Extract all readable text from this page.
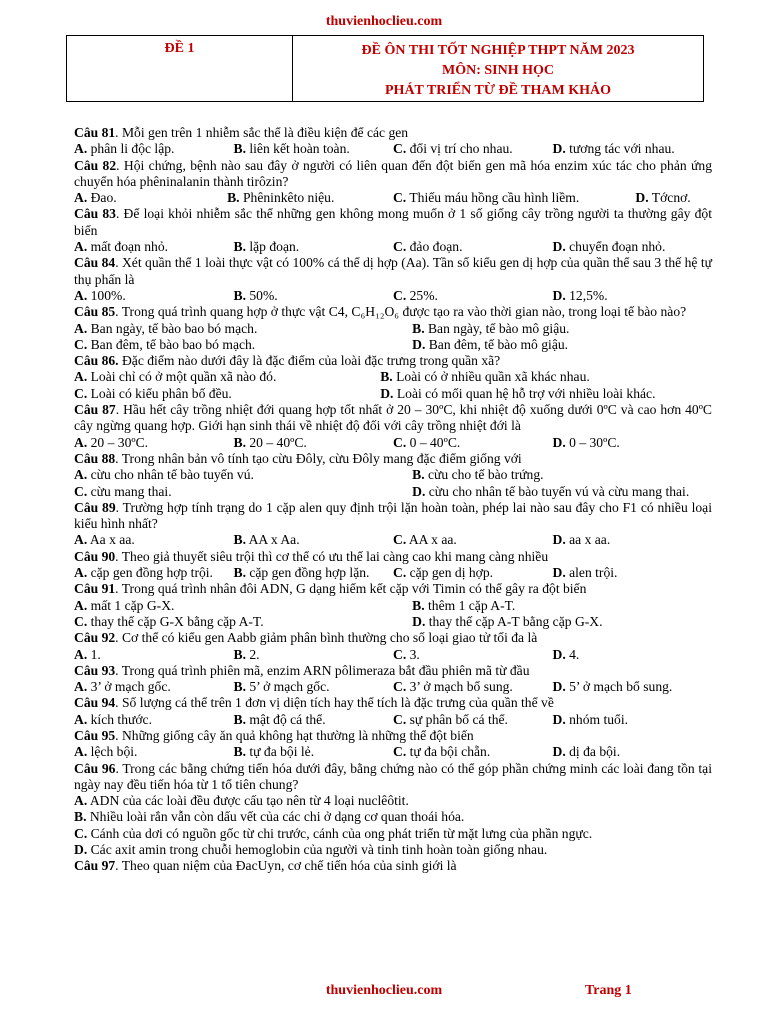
thuvienhoclieu.com
ĐỀ 1	ĐỀ ÔN THI TỐT NGHIỆP THPT NĂM 2023
MÔN: SINH HỌC
PHÁT TRIỂN TỪ ĐỀ THAM KHẢO

Câu 81. Mỗi gen trên 1 nhiễm sắc thể là điều kiện để các gen

A. phân li độc lập.	B. liên kết hoàn toàn.	C. đổi vị trí cho nhau.	D. tương tác với nhau.

Câu 82. Hội chứng, bệnh nào sau đây ở người có liên quan đến đột biến gen mã hóa enzim xúc tác cho phản ứng chuyển hóa phêninalanin thành tirôzin?

A. Đao.	B. Phêninkêto niệu.	C. Thiếu máu hồng cầu hình liềm.	D. Tớcnơ.

Câu 83. Để loại khỏi nhiễm sắc thể những gen không mong muốn ở 1 số giống cây trồng người ta thường gây đột biến

A. mất đoạn nhỏ.	B. lặp đoạn.	C. đảo đoạn.	D. chuyển đoạn nhỏ.

Câu 84. Xét quần thể 1 loài thực vật có 100% cá thể dị hợp (Aa). Tần số kiểu gen dị hợp của quần thể sau 3 thế hệ tự thụ phấn là

A. 100%.	B. 50%.	C. 25%.	D. 12,5%.

Câu 85. Trong quá trình quang hợp ở thực vật C4, C₆H₁₂O₆ được tạo ra vào thời gian nào, trong loại tế bào nào?

A. Ban ngày, tế bào bao bó mạch.	B. Ban ngày, tế bào mô giậu.
C. Ban đêm, tế bào bao bó mạch.	D. Ban đêm, tế bào mô giậu.

Câu 86. Đặc điểm nào dưới đây là đặc điểm của loài đặc trưng trong quần xã?

A. Loài chỉ có ở một quần xã nào đó.	B. Loài có ở nhiều quần xã khác nhau.
C. Loài có kiểu phân bố đều.	D. Loài có mối quan hệ hỗ trợ với nhiều loài khác.

Câu 87. Hầu hết cây trồng nhiệt đới quang hợp tốt nhất ở 20 – 30ºC, khi nhiệt độ xuống dưới 0ºC và cao hơn 40ºC cây ngừng quang hợp. Giới hạn sinh thái về nhiệt độ đối với cây trồng nhiệt đới là

A. 20 – 30ºC.	B. 20 – 40ºC.	C. 0 – 40ºC.	D. 0 – 30ºC.

Câu 88. Trong nhân bản vô tính tạo cừu Đôly, cừu Đôly mang đặc điểm giống với

A. cừu cho nhân tế bào tuyến vú.	B. cừu cho tế bào trứng.
C. cừu mang thai.	D. cừu cho nhân tế bào tuyến vú và cừu mang thai.

Câu 89. Trường hợp tính trạng do 1 cặp alen quy định trội lặn hoàn toàn, phép lai nào sau đây cho F1 có nhiều loại kiểu hình nhất?

A. Aa x aa.	B. AA x Aa.	C. AA x aa.	D. aa x aa.

Câu 90. Theo giả thuyết siêu trội thì cơ thể có ưu thế lai càng cao khi mang càng nhiều

A. cặp gen đồng hợp trội.	B. cặp gen đồng hợp lặn.	C. cặp gen dị hợp.	D. alen trội.

Câu 91. Trong quá trình nhân đôi ADN, G dạng hiếm kết cặp với Timin có thể gây ra đột biến

A. mất 1 cặp G-X.	B. thêm 1 cặp A-T.
C. thay thế cặp G-X bằng cặp A-T.	D. thay thế cặp A-T bằng cặp G-X.

Câu 92. Cơ thể có kiểu gen Aabb giảm phân bình thường cho số loại giao tử tối đa là

A. 1.	B. 2.	C. 3.	D. 4.

Câu 93. Trong quá trình phiên mã, enzim ARN pôlimeraza bắt đầu phiên mã từ đầu

A. 3’ ở mạch gốc.	B. 5’ ở mạch gốc.	C. 3’ ở mạch bổ sung.	D. 5’ ở mạch bổ sung.

Câu 94. Số lượng cá thể trên 1 đơn vị diện tích hay thể tích là đặc trưng của quần thể về

A. kích thước.	B. mật độ cá thể.	C. sự phân bố cá thể.	D. nhóm tuổi.

Câu 95. Những giống cây ăn quả không hạt thường là những thể đột biến

A. lệch bội.	B. tự đa bội lẻ.	C. tự đa bội chẵn.	D. dị đa bội.

Câu 96. Trong các bằng chứng tiến hóa dưới đây, bằng chứng nào có thể góp phần chứng minh các loài đang tồn tại ngày nay đều tiến hóa từ 1 tổ tiên chung?

A. ADN của các loài đều được cấu tạo nên từ 4 loại nuclêôtit.
B. Nhiều loài rắn vẫn còn dấu vết của các chi ở dạng cơ quan thoái hóa.
C. Cánh của dơi có nguồn gốc từ chi trước, cánh của ong phát triển từ mặt lưng của phần ngực.
D. Các axit amin trong chuỗi hemoglobin của người và tinh tinh hoàn toàn giống nhau.

Câu 97. Theo quan niệm của ĐacUyn, cơ chế tiến hóa của sinh giới là

thuvienhoclieu.com	Trang 1
